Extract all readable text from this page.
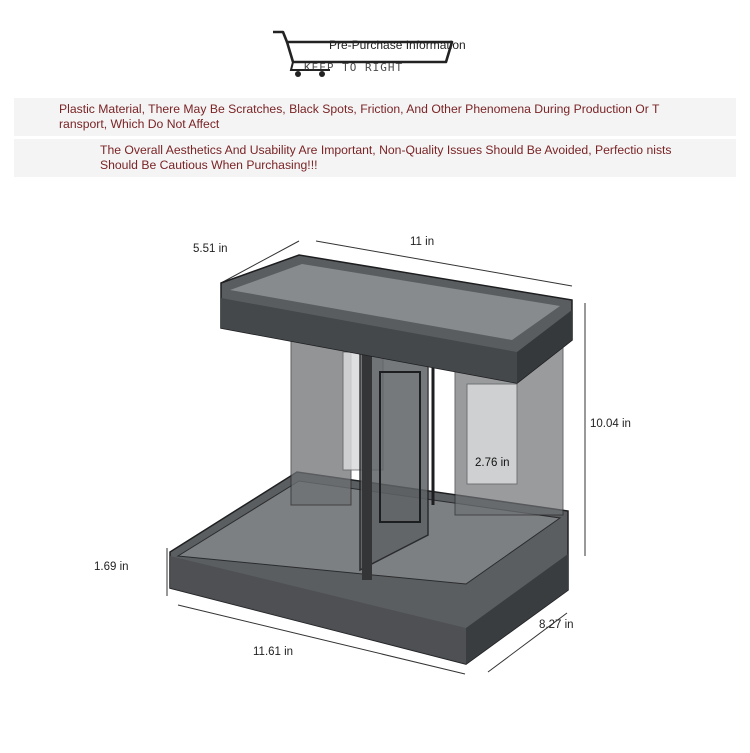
Pre-Purchase Information
KEEP TO RIGHT
Plastic Material, There May Be Scratches, Black Spots, Friction, And Other Phenomena During Production Or T ransport, Which Do Not Affect
The Overall Aesthetics And Usability Are Important, Non-Quality Issues Should Be Avoided, Perfectio nists Should Be Cautious When Purchasing!!!
5.51 in
11 in
10.04 in
2.76 in
1.69 in
11.61 in
8.27 in
